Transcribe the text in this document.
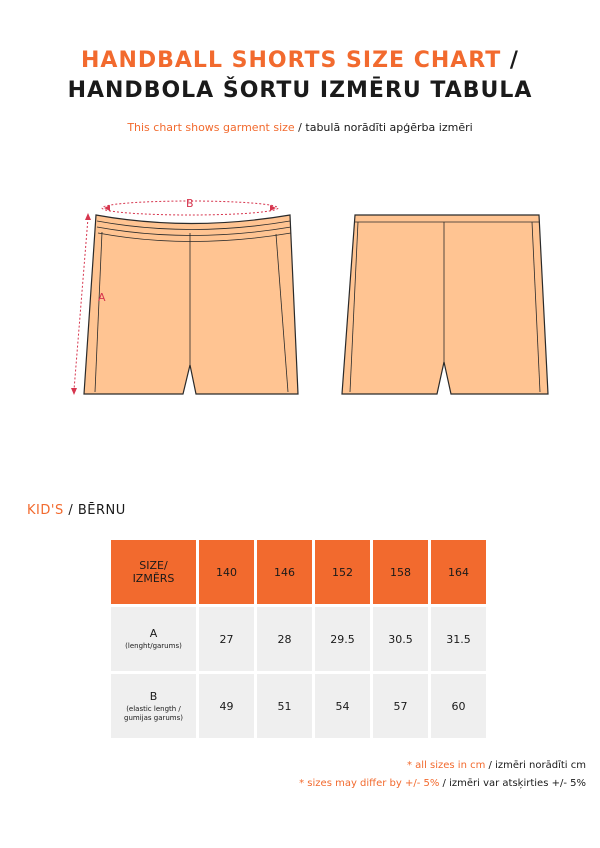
HANDBALL SHORTS SIZE CHART /
HANDBOLA ŠORTU IZMĒRU TABULA
This chart shows garment size / tabulā norādīti apģērba izmēri
B
A
KID'S / BĒRNU
SIZE/
IZMĒRS	140	146	152	158	164

A
(lenght/garums)	27	28	29.5	30.5	31.5

B
(elastic length /
gumijas garums)	49	51	54	57	60
* all sizes in cm / izmēri norādīti cm
* sizes may differ by +/- 5% / izmēri var atsķirties +/- 5%
